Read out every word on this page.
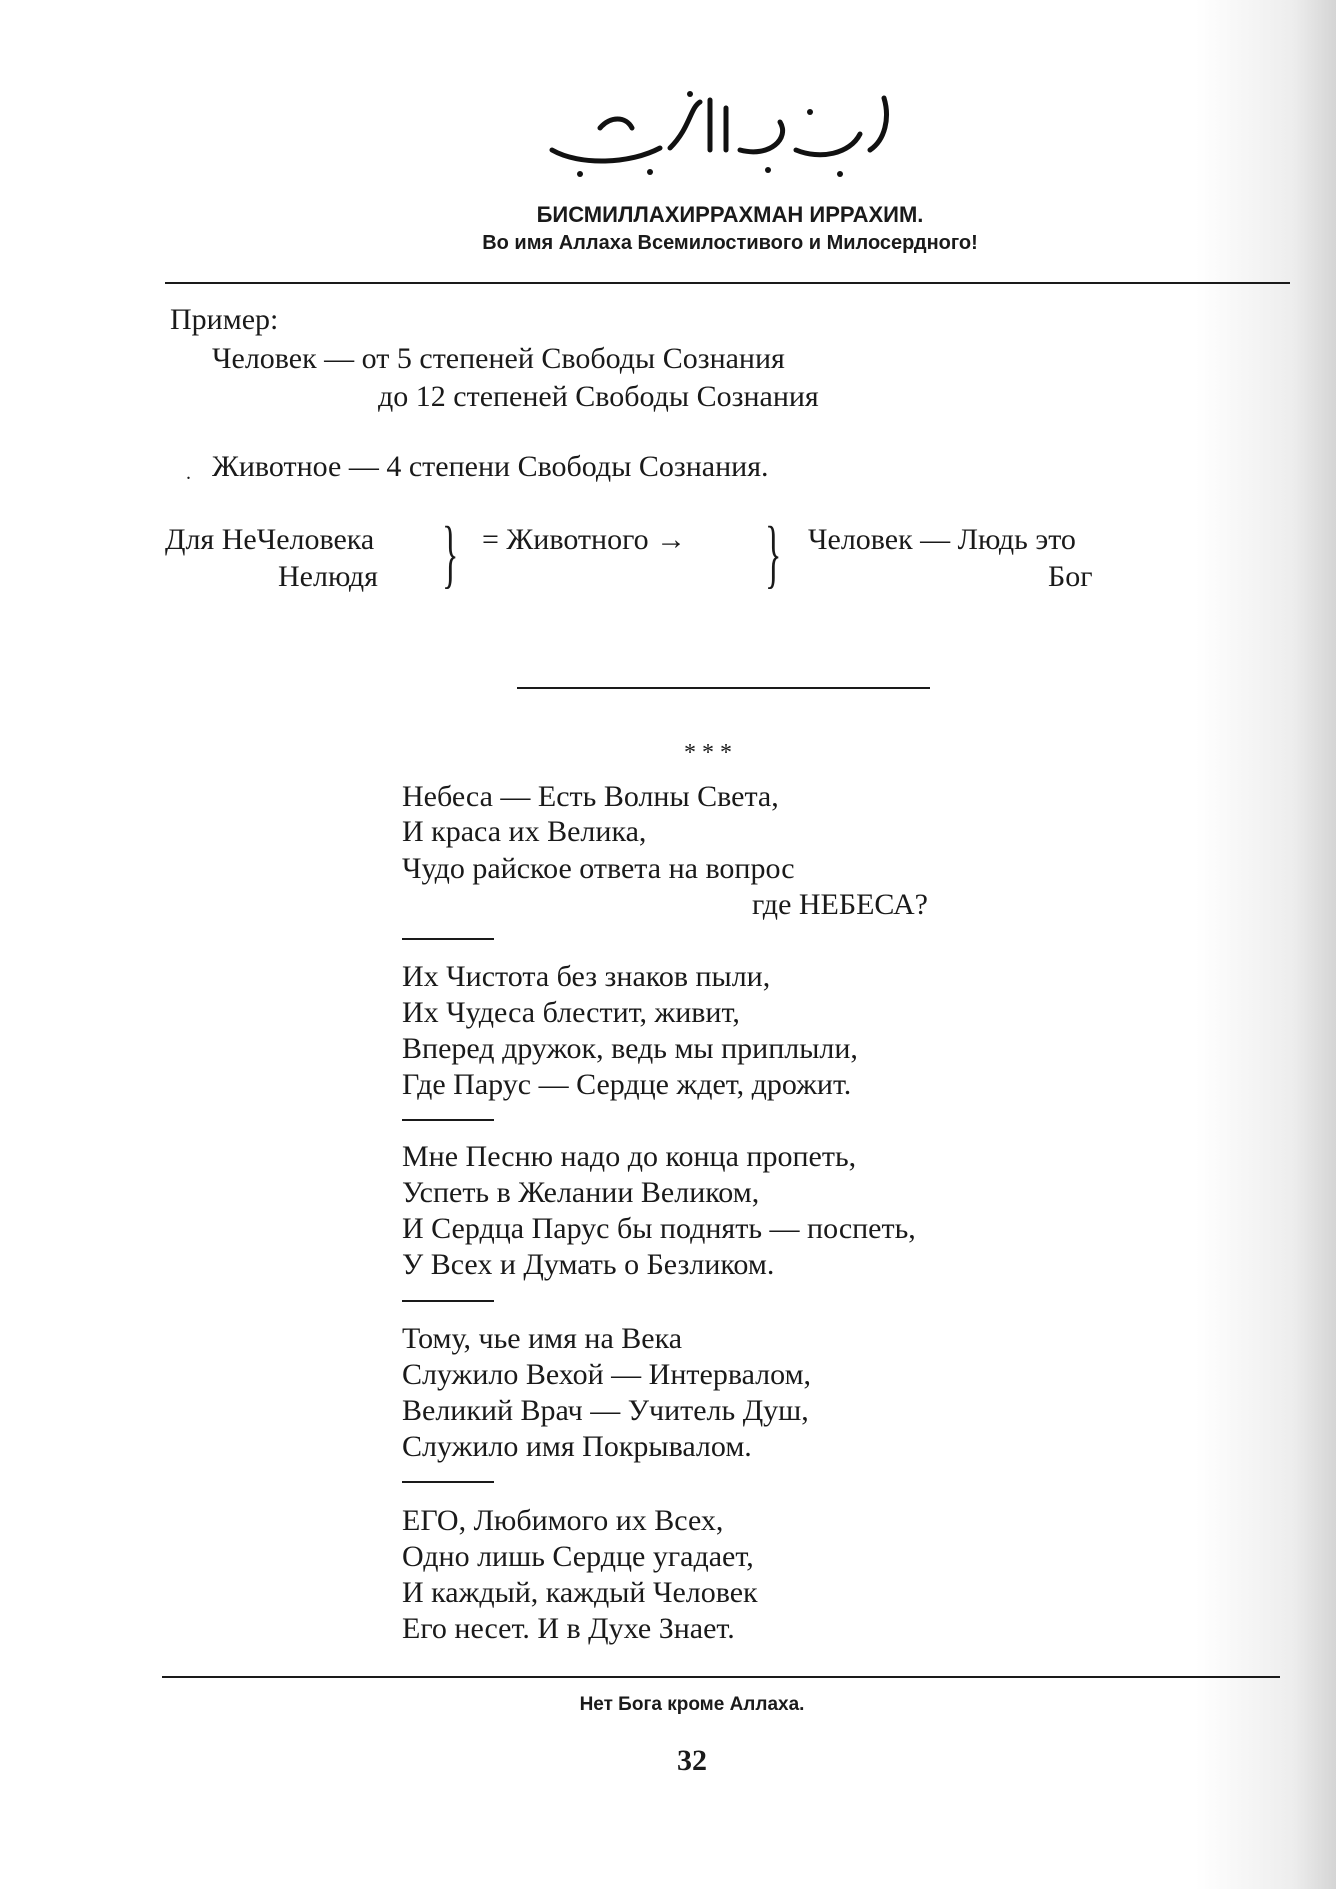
БИСМИЛЛАХИРРАХМАН ИРРАХИМ.
Во имя Аллаха Всемилостивого и Милосердного!
Пример:
Человек — от 5 степеней Свободы Сознания
до 12 степеней Свободы Сознания
Животное — 4 степени Свободы Сознания.
.
Для НеЧеловека
Нелюдя } = Животного → } Человек — Людь это
Бог
* * *
Небеса — Есть Волны Света,
И краса их Велика,
Чудо райское ответа на вопрос
где НЕБЕСА?
Их Чистота без знаков пыли,
Их Чудеса блестит, живит,
Вперед дружок, ведь мы приплыли,
Где Парус — Сердце ждет, дрожит.
Мне Песню надо до конца пропеть,
Успеть в Желании Великом,
И Сердца Парус бы поднять — поспеть,
У Всех и Думать о Безликом.
Тому, чье имя на Века
Служило Вехой — Интервалом,
Великий Врач — Учитель Душ,
Служило имя Покрывалом.
ЕГО, Любимого их Всех,
Одно лишь Сердце угадает,
И каждый, каждый Человек
Его несет. И в Духе Знает.
Нет Бога кроме Аллаха.
32
